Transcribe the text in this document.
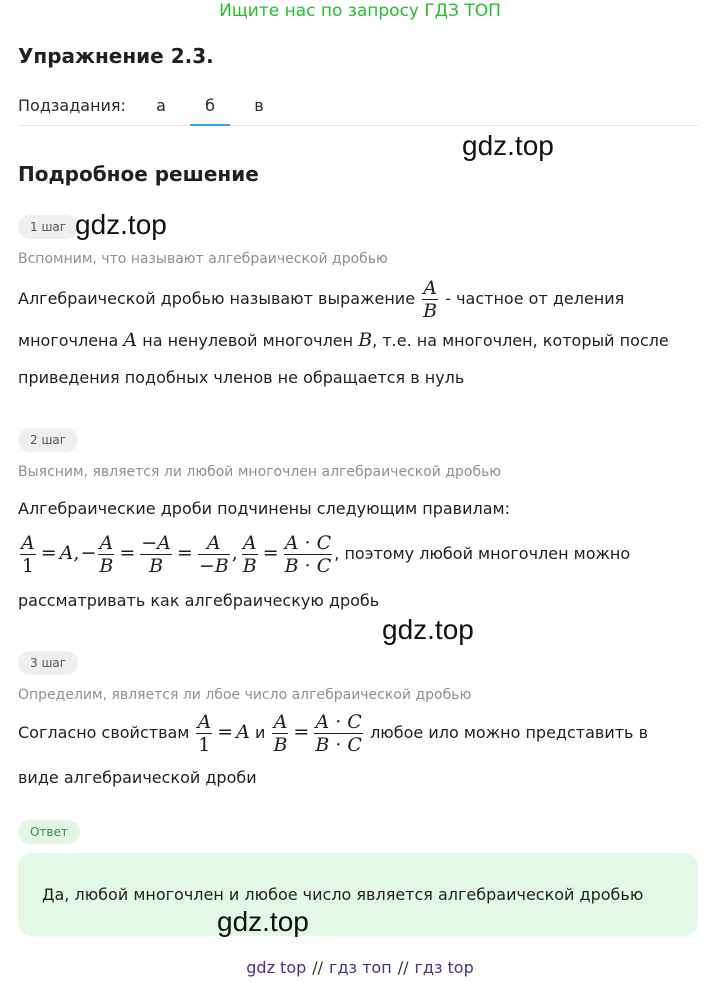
Ищите нас по запросу ГДЗ ТОП
Упражнение 2.3.
Подзадания: а	б	в
gdz.top
Подробное решение
1 шаг gdz.top
Вспомним, что называют алгебраической дробью
Алгебраической дробью называют выражение $\frac{A}{B}$ - частное от деления
многочлена A на ненулевой многочлен B, т.е. на многочлен, который после
приведения подобных членов не обращается в нуль
2 шаг
Выясним, является ли любой многочлен алгебраической дробью
Алгебраические дроби подчинены следующим правилам:
$\frac{A}{1} = A,- \frac{A}{B} = \frac{-A}{B} = \frac{A}{-B}$ , $\frac{A}{B} = \frac{A \cdot C}{B \cdot C}$ , поэтому любой многочлен можно
рассматривать как алгебраическую дробь
gdz.top
3 шаг
Определим, является ли лбое число алгебраической дробью
Согласно свойствам $\frac{A}{1} = A$ и $\frac{A}{B} = \frac{A \cdot C}{B \cdot C}$ любое ило можно представить в
виде алгебраической дроби
Ответ
Да, любой многочлен и любое число является алгебраической дробью
gdz.top
gdz top // гдз топ // гдз top
